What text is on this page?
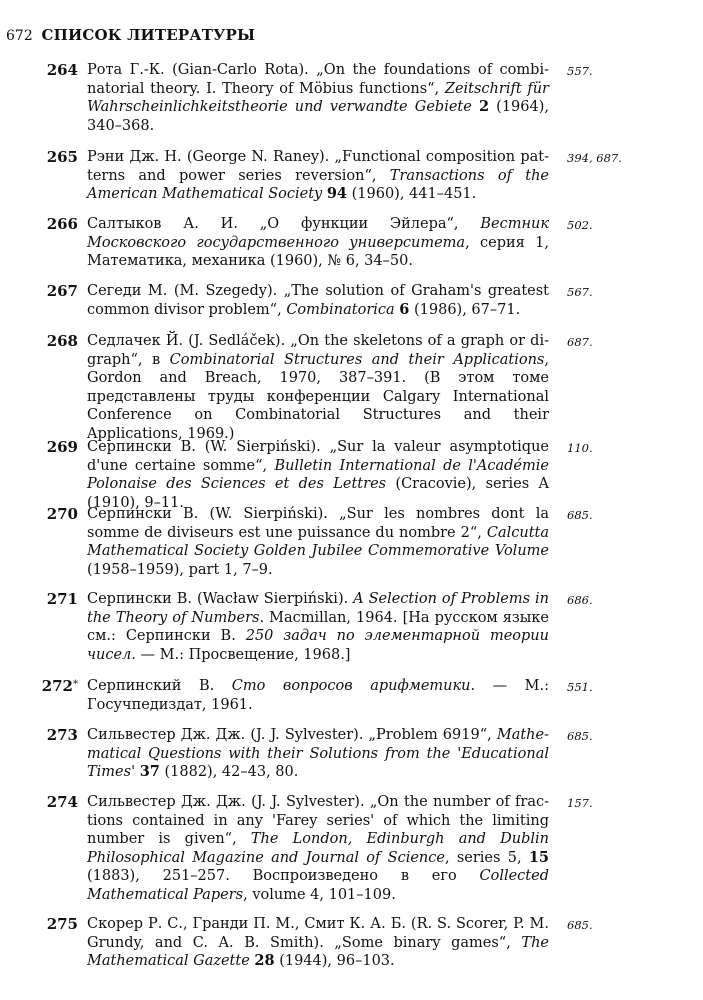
672 СПИСОК ЛИТЕРАТУРЫ
264 Рота Г.-К. (Gian-Carlo Rota). „On the foundations of combinatorial theory. I. Theory of Möbius functions“, Zeitschrift für Wahrscheinlichkeitstheorie und verwandte Gebiete 2 (1964), 340–368.
557.
265 Рэни Дж. Н. (George N. Raney). „Functional composition patterns and power series reversion“, Transactions of the American Mathematical Society 94 (1960), 441–451.
394, 687.
266 Салтыков А. И. „О функции Эйлера“, Вестник Московского государственного университета, серия 1, Математика, механика (1960), № 6, 34–50.
502.
267 Сегеди М. (M. Szegedy). „The solution of Graham's greatest common divisor problem“, Combinatorica 6 (1986), 67–71.
567.
268 Седлачек Й. (J. Sedláček). „On the skeletons of a graph or digraph“, в Combinatorial Structures and their Applications, Gordon and Breach, 1970, 387–391. (В этом томе представлены труды конференции Calgary International Conference on Combinatorial Structures and their Applications, 1969.)
687.
269 Серпински В. (W. Sierpiński). „Sur la valeur asymptotique d'une certaine somme“, Bulletin International de l'Académie Polonaise des Sciences et des Lettres (Cracovie), series A (1910), 9–11.
110.
270 Серпински В. (W. Sierpiński). „Sur les nombres dont la somme de diviseurs est une puissance du nombre 2“, Calcutta Mathematical Society Golden Jubilee Commemorative Volume (1958–1959), part 1, 7–9.
685.
271 Серпински В. (Wacław Sierpiński). A Selection of Problems in the Theory of Numbers. Macmillan, 1964. [На русском языке см.: Серпински В. 250 задач по элементарной теории чисел. — М.: Просвещение, 1968.]
686.
272* Серпинский В. Сто вопросов арифметики. — М.: Госучпедиздат, 1961.
551.
273 Сильвестер Дж. Дж. (J. J. Sylvester). „Problem 6919“, Mathematical Questions with their Solutions from the 'Educational Times' 37 (1882), 42–43, 80.
685.
274 Сильвестер Дж. Дж. (J. J. Sylvester). „On the number of fractions contained in any 'Farey series' of which the limiting number is given“, The London, Edinburgh and Dublin Philosophical Magazine and Journal of Science, series 5, 15 (1883), 251–257. Воспроизведено в его Collected Mathematical Papers, volume 4, 101–109.
157.
275 Скорер Р. С., Гранди П. М., Смит К. А. Б. (R. S. Scorer, P. M. Grundy, and C. A. B. Smith). „Some binary games“, The Mathematical Gazette 28 (1944), 96–103.
685.
